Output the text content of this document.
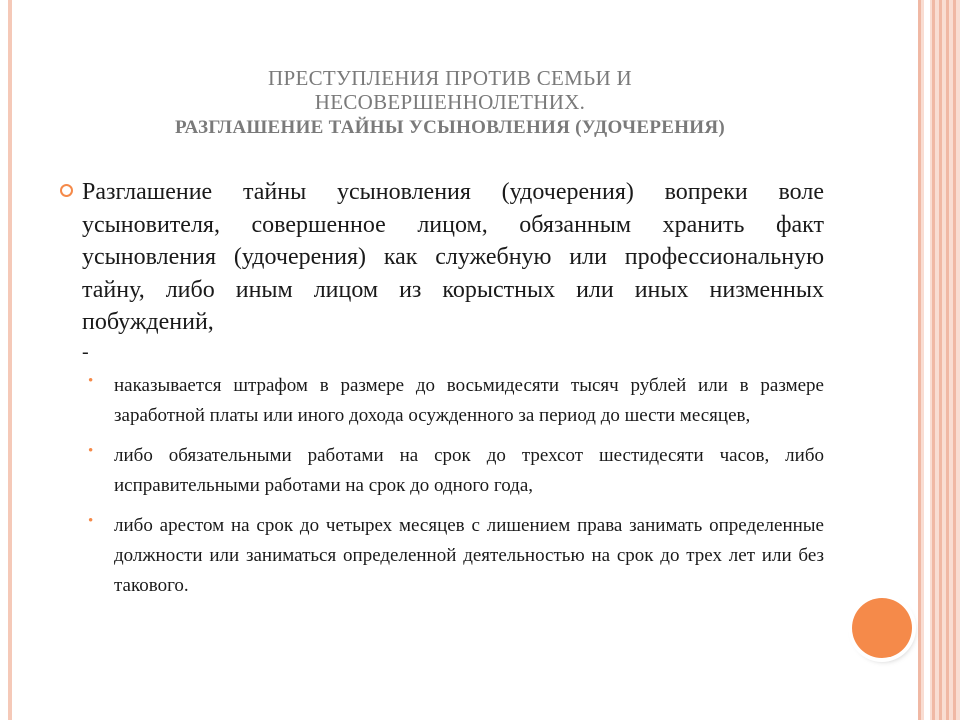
ПРЕСТУПЛЕНИЯ ПРОТИВ СЕМЬИ И
НЕСОВЕРШЕННОЛЕТНИХ.
РАЗГЛАШЕНИЕ ТАЙНЫ УСЫНОВЛЕНИЯ (УДОЧЕРЕНИЯ)

Разглашение тайны усыновления (удочерения) вопреки воле усыновителя, совершенное лицом, обязанным хранить факт усыновления (удочерения) как служебную или профессиональную тайну, либо иным лицом из корыстных или иных низменных побуждений,

-

• наказывается штрафом в размере до восьмидесяти тысяч рублей или в размере заработной платы или иного дохода осужденного за период до шести месяцев,

• либо обязательными работами на срок до трехсот шестидесяти часов, либо исправительными работами на срок до одного года,

• либо арестом на срок до четырех месяцев с лишением права занимать определенные должности или заниматься определенной деятельностью на срок до трех лет или без такового.
